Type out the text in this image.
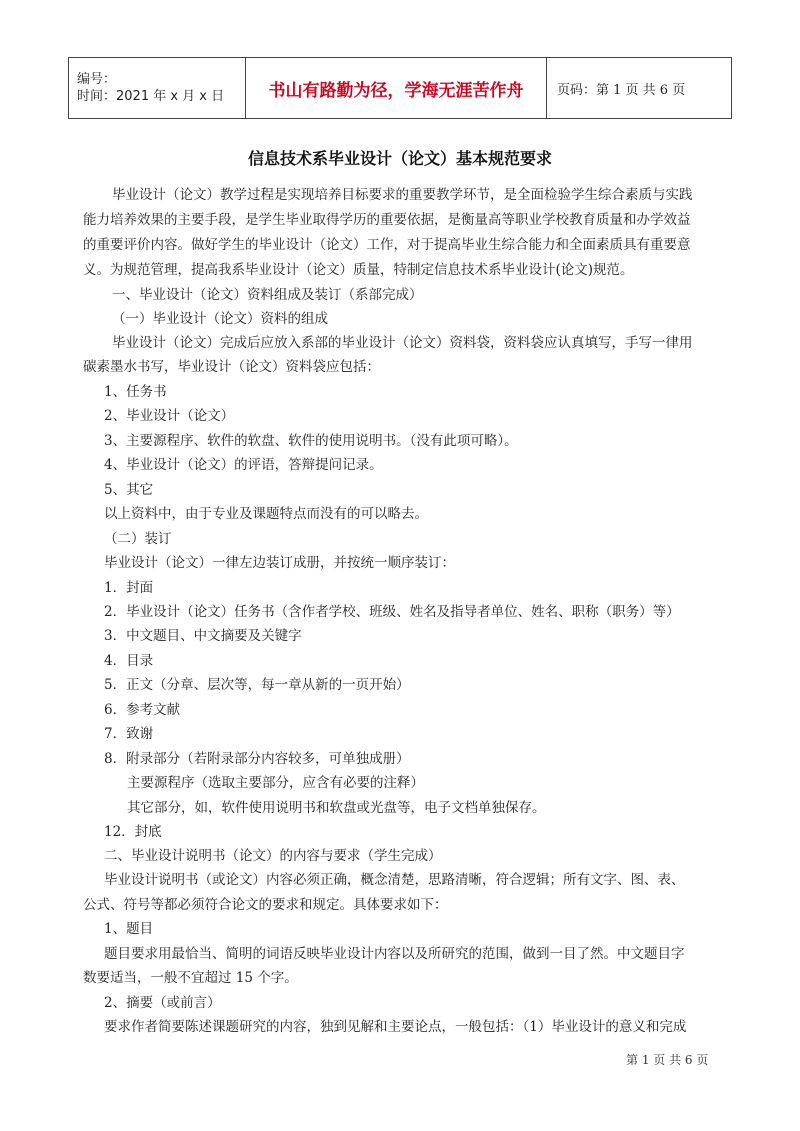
编号：
时间：2021 年 x 月 x 日	书山有路勤为径，学海无涯苦作舟	页码：第 1 页 共 6 页
信息技术系毕业设计（论文）基本规范要求
毕业设计（论文）教学过程是实现培养目标要求的重要教学环节，是全面检验学生综合素质与实践
能力培养效果的主要手段，是学生毕业取得学历的重要依据，是衡量高等职业学校教育质量和办学效益
的重要评价内容。做好学生的毕业设计（论文）工作，对于提高毕业生综合能力和全面素质具有重要意
义。为规范管理，提高我系毕业设计（论文）质量，特制定信息技术系毕业设计(论文)规范。
一、毕业设计（论文）资料组成及装订（系部完成）
（一）毕业设计（论文）资料的组成
毕业设计（论文）完成后应放入系部的毕业设计（论文）资料袋，资料袋应认真填写，手写一律用
碳素墨水书写，毕业设计（论文）资料袋应包括：
1、任务书
2、毕业设计（论文）
3、主要源程序、软件的软盘、软件的使用说明书。（没有此项可略）。
4、毕业设计（论文）的评语，答辩提问记录。
5、其它
以上资料中，由于专业及课题特点而没有的可以略去。
（二）装订
毕业设计（论文）一律左边装订成册，并按统一顺序装订：
1．封面
2．毕业设计（论文）任务书（含作者学校、班级、姓名及指导者单位、姓名、职称（职务）等）
3．中文题目、中文摘要及关键字
4．目录
5．正文（分章、层次等，每一章从新的一页开始）
6．参考文献
7．致谢
8．附录部分（若附录部分内容较多，可单独成册）
主要源程序（选取主要部分，应含有必要的注释）
其它部分，如，软件使用说明书和软盘或光盘等，电子文档单独保存。
12．封底
二、毕业设计说明书（论文）的内容与要求（学生完成）
毕业设计说明书（或论文）内容必须正确，概念清楚，思路清晰，符合逻辑；所有文字、图、表、
公式、符号等都必须符合论文的要求和规定。具体要求如下：
1、题目
题目要求用最恰当、简明的词语反映毕业设计内容以及所研究的范围，做到一目了然。中文题目字
数要适当，一般不宜超过 15 个字。
2、摘要（或前言）
要求作者简要陈述课题研究的内容，独到见解和主要论点，一般包括：（1）毕业设计的意义和完成
第 1 页 共 6 页
